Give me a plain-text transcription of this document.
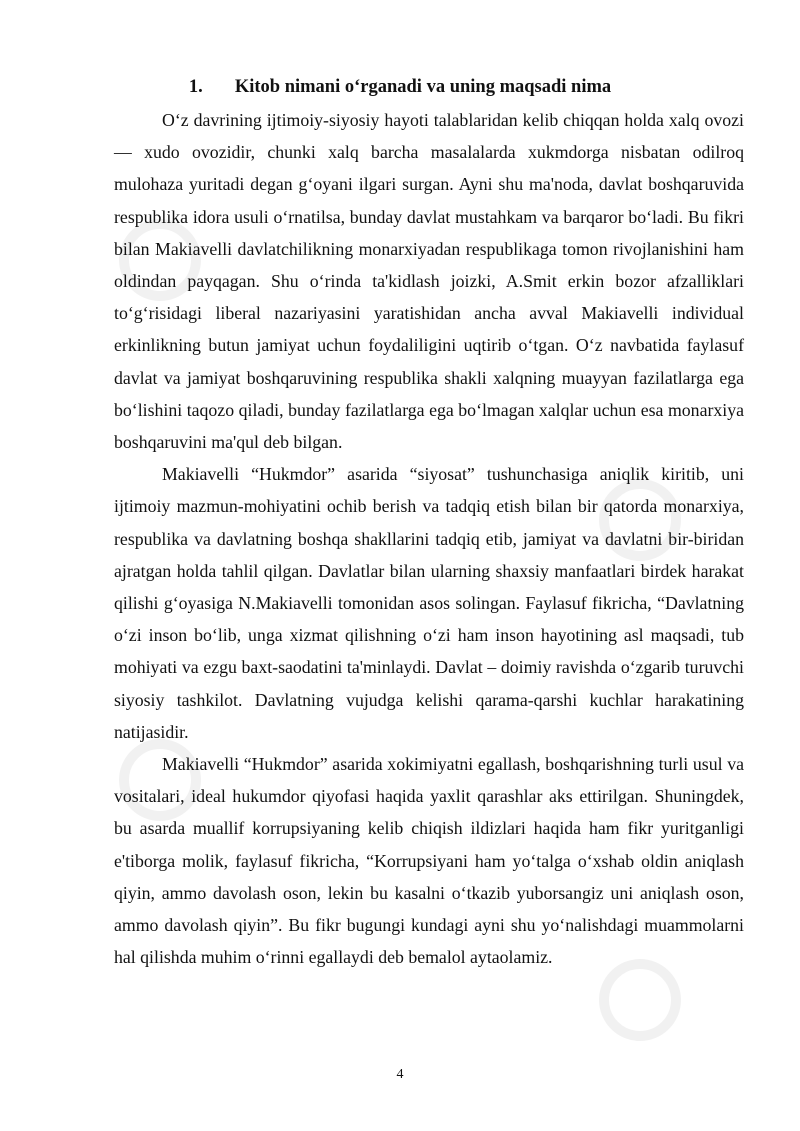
1. Kitob nimani o‘rganadi va uning maqsadi nima

O‘z davrining ijtimoiy-siyosiy hayoti talablaridan kelib chiqqan holda xalq ovozi — xudo ovozidir, chunki xalq barcha masalalarda xukmdorga nisbatan odilroq mulohaza yuritadi degan g‘oyani ilgari surgan. Ayni shu ma'noda, davlat boshqaruvida respublika idora usuli o‘rnatilsa, bunday davlat mustahkam va barqaror bo‘ladi. Bu fikri bilan Makiavelli davlatchilikning monarxiyadan respublikaga tomon rivojlanishini ham oldindan payqagan. Shu o‘rinda ta'kidlash joizki, A.Smit erkin bozor afzalliklari to‘g‘risidagi liberal nazariyasini yaratishidan ancha avval Makiavelli individual erkinlikning butun jamiyat uchun foydaliligini uqtirib o‘tgan. O‘z navbatida faylasuf davlat va jamiyat boshqaruvining respublika shakli xalqning muayyan fazilatlarga ega bo‘lishini taqozo qiladi, bunday fazilatlarga ega bo‘lmagan xalqlar uchun esa monarxiya boshqaruvini ma'qul deb bilgan.

Makiavelli “Hukmdor” asarida “siyosat” tushunchasiga aniqlik kiritib, uni ijtimoiy mazmun-mohiyatini ochib berish va tadqiq etish bilan bir qatorda monarxiya, respublika va davlatning boshqa shakllarini tadqiq etib, jamiyat va davlatni bir-biridan ajratgan holda tahlil qilgan. Davlatlar bilan ularning shaxsiy manfaatlari birdek harakat qilishi g‘oyasiga N.Makiavelli tomonidan asos solingan. Faylasuf fikricha, “Davlatning o‘zi inson bo‘lib, unga xizmat qilishning o‘zi ham inson hayotining asl maqsadi, tub mohiyati va ezgu baxt-saodatini ta'minlaydi. Davlat – doimiy ravishda o‘zgarib turuvchi siyosiy tashkilot. Davlatning vujudga kelishi qarama-qarshi kuchlar harakatining natijasidir.

Makiavelli “Hukmdor” asarida xokimiyatni egallash, boshqarishning turli usul va vositalari, ideal hukumdor qiyofasi haqida yaxlit qarashlar aks ettirilgan. Shuningdek, bu asarda muallif korrupsiyaning kelib chiqish ildizlari haqida ham fikr yuritganligi e'tiborga molik, faylasuf fikricha, “Korrupsiyani ham yo‘talga o‘xshab oldin aniqlash qiyin, ammo davolash oson, lekin bu kasalni o‘tkazib yuborsangiz uni aniqlash oson, ammo davolash qiyin”. Bu fikr bugungi kundagi ayni shu yo‘nalishdagi muammolarni hal qilishda muhim o‘rinni egallaydi deb bemalol aytaolamiz.

4
